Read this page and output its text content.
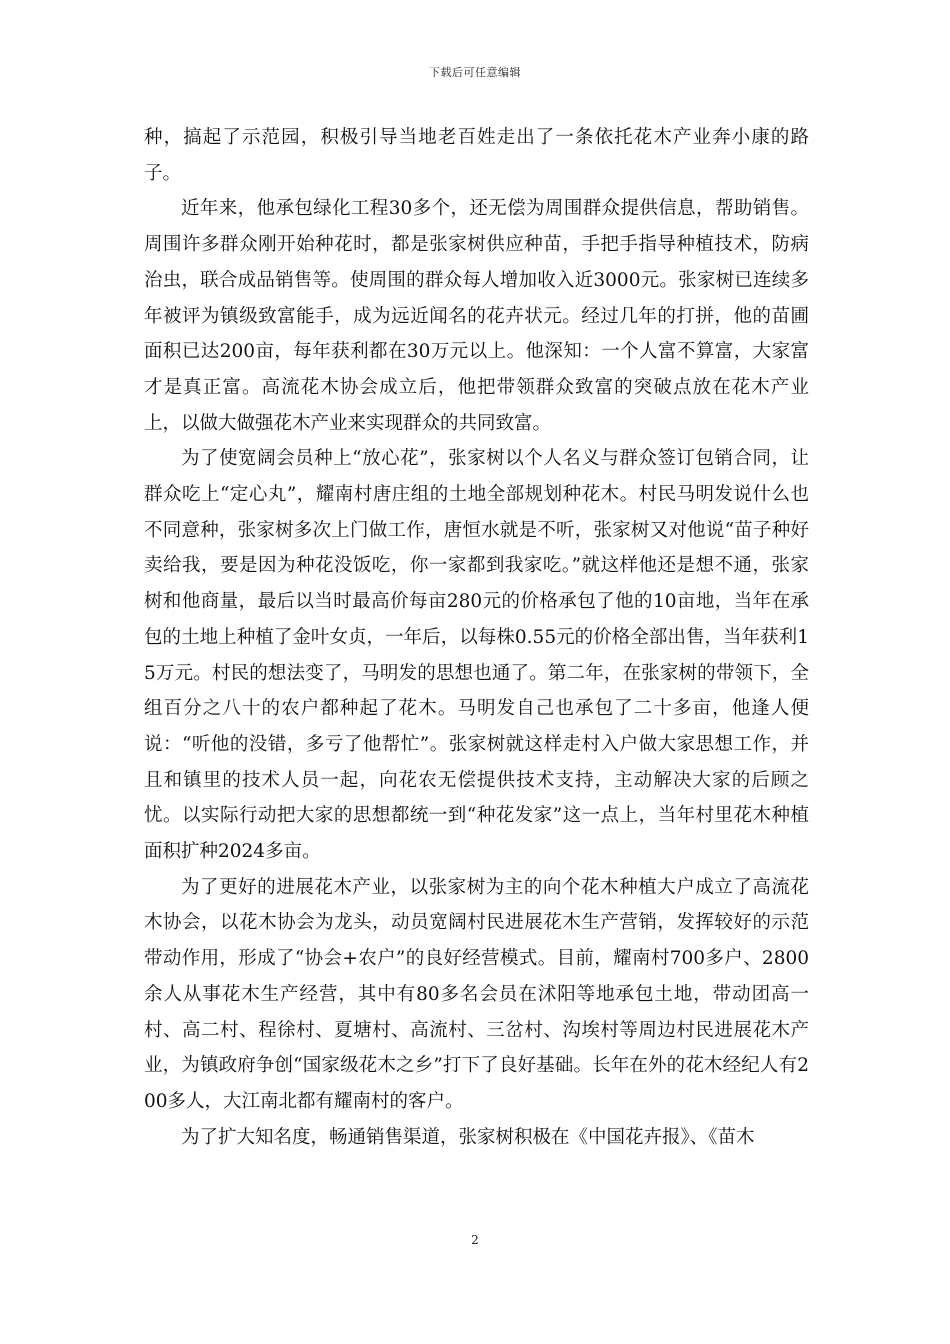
下载后可任意编辑

种，搞起了示范园，积极引导当地老百姓走出了一条依托花木产业奔小康的路子。

近年来，他承包绿化工程30多个，还无偿为周围群众提供信息，帮助销售。周围许多群众刚开始种花时，都是张家树供应种苗，手把手指导种植技术，防病治虫，联合成品销售等。使周围的群众每人增加收入近3000元。张家树已连续多年被评为镇级致富能手，成为远近闻名的花卉状元。经过几年的打拼，他的苗圃面积已达200亩，每年获利都在30万元以上。他深知：一个人富不算富，大家富才是真正富。高流花木协会成立后，他把带领群众致富的突破点放在花木产业上，以做大做强花木产业来实现群众的共同致富。

为了使宽阔会员种上“放心花”，张家树以个人名义与群众签订包销合同，让群众吃上“定心丸”，耀南村唐庄组的土地全部规划种花木。村民马明发说什么也不同意种，张家树多次上门做工作，唐恒水就是不听，张家树又对他说“苗子种好卖给我，要是因为种花没饭吃，你一家都到我家吃。”就这样他还是想不通，张家树和他商量，最后以当时最高价每亩280元的价格承包了他的10亩地，当年在承包的土地上种植了金叶女贞，一年后，以每株0.55元的价格全部出售，当年获利15万元。村民的想法变了，马明发的思想也通了。第二年，在张家树的带领下，全组百分之八十的农户都种起了花木。马明发自己也承包了二十多亩，他逢人便说：“听他的没错，多亏了他帮忙”。张家树就这样走村入户做大家思想工作，并且和镇里的技术人员一起，向花农无偿提供技术支持，主动解决大家的后顾之忧。以实际行动把大家的思想都统一到“种花发家”这一点上，当年村里花木种植面积扩种2024多亩。

为了更好的进展花木产业，以张家树为主的向个花木种植大户成立了高流花木协会，以花木协会为龙头，动员宽阔村民进展花木生产营销，发挥较好的示范带动作用，形成了“协会+农户”的良好经营模式。目前，耀南村700多户、2800余人从事花木生产经营，其中有80多名会员在沭阳等地承包土地，带动团高一村、高二村、程徐村、夏塘村、高流村、三岔村、沟埃村等周边村民进展花木产业，为镇政府争创“国家级花木之乡”打下了良好基础。长年在外的花木经纪人有200多人，大江南北都有耀南村的客户。

为了扩大知名度，畅通销售渠道，张家树积极在《中国花卉报》、《苗木

2
